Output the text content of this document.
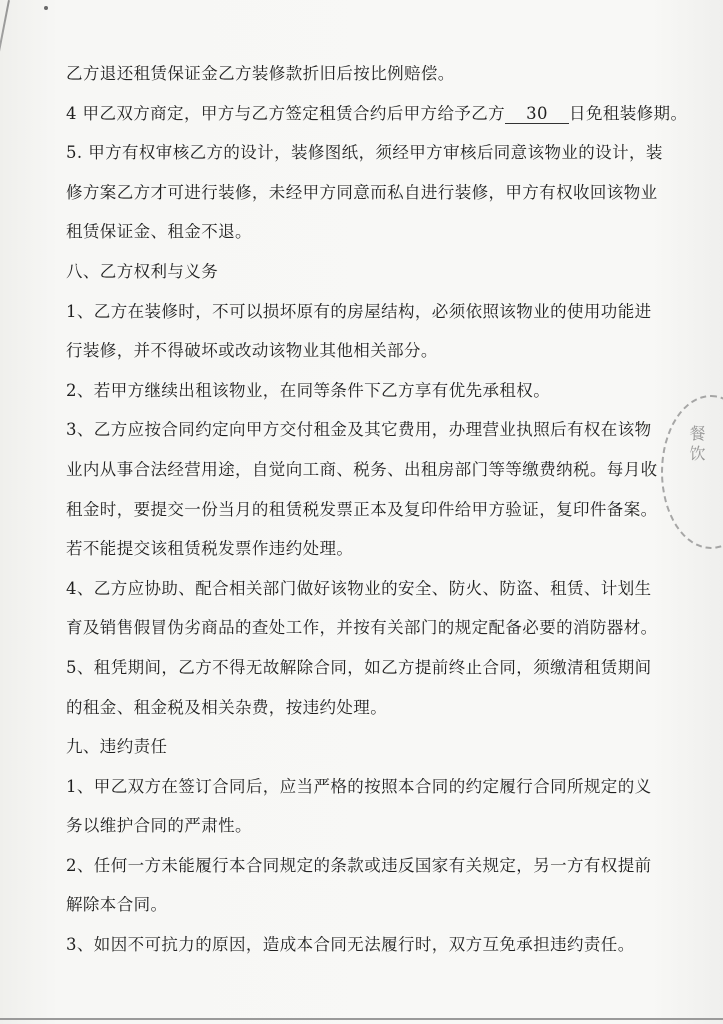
餐饮
乙方退还租赁保证金乙方装修款折旧后按比例赔偿。
4 甲乙双方商定，甲方与乙方签定租赁合约后甲方给予乙方 30 日免租装修期。
5. 甲方有权审核乙方的设计，装修图纸，须经甲方审核后同意该物业的设计，装
修方案乙方才可进行装修，未经甲方同意而私自进行装修，甲方有权收回该物业
租赁保证金、租金不退。
八、乙方权利与义务
1、乙方在装修时，不可以损坏原有的房屋结构，必须依照该物业的使用功能进
行装修，并不得破坏或改动该物业其他相关部分。
2、若甲方继续出租该物业，在同等条件下乙方享有优先承租权。
3、乙方应按合同约定向甲方交付租金及其它费用，办理营业执照后有权在该物
业内从事合法经营用途，自觉向工商、税务、出租房部门等等缴费纳税。每月收
租金时，要提交一份当月的租赁税发票正本及复印件给甲方验证，复印件备案。
若不能提交该租赁税发票作违约处理。
4、乙方应协助、配合相关部门做好该物业的安全、防火、防盗、租赁、计划生
育及销售假冒伪劣商品的查处工作，并按有关部门的规定配备必要的消防器材。
5、租凭期间，乙方不得无故解除合同，如乙方提前终止合同，须缴清租赁期间
的租金、租金税及相关杂费，按违约处理。
九、违约责任
1、甲乙双方在签订合同后，应当严格的按照本合同的约定履行合同所规定的义
务以维护合同的严肃性。
2、任何一方未能履行本合同规定的条款或违反国家有关规定，另一方有权提前
解除本合同。
3、如因不可抗力的原因，造成本合同无法履行时，双方互免承担违约责任。
